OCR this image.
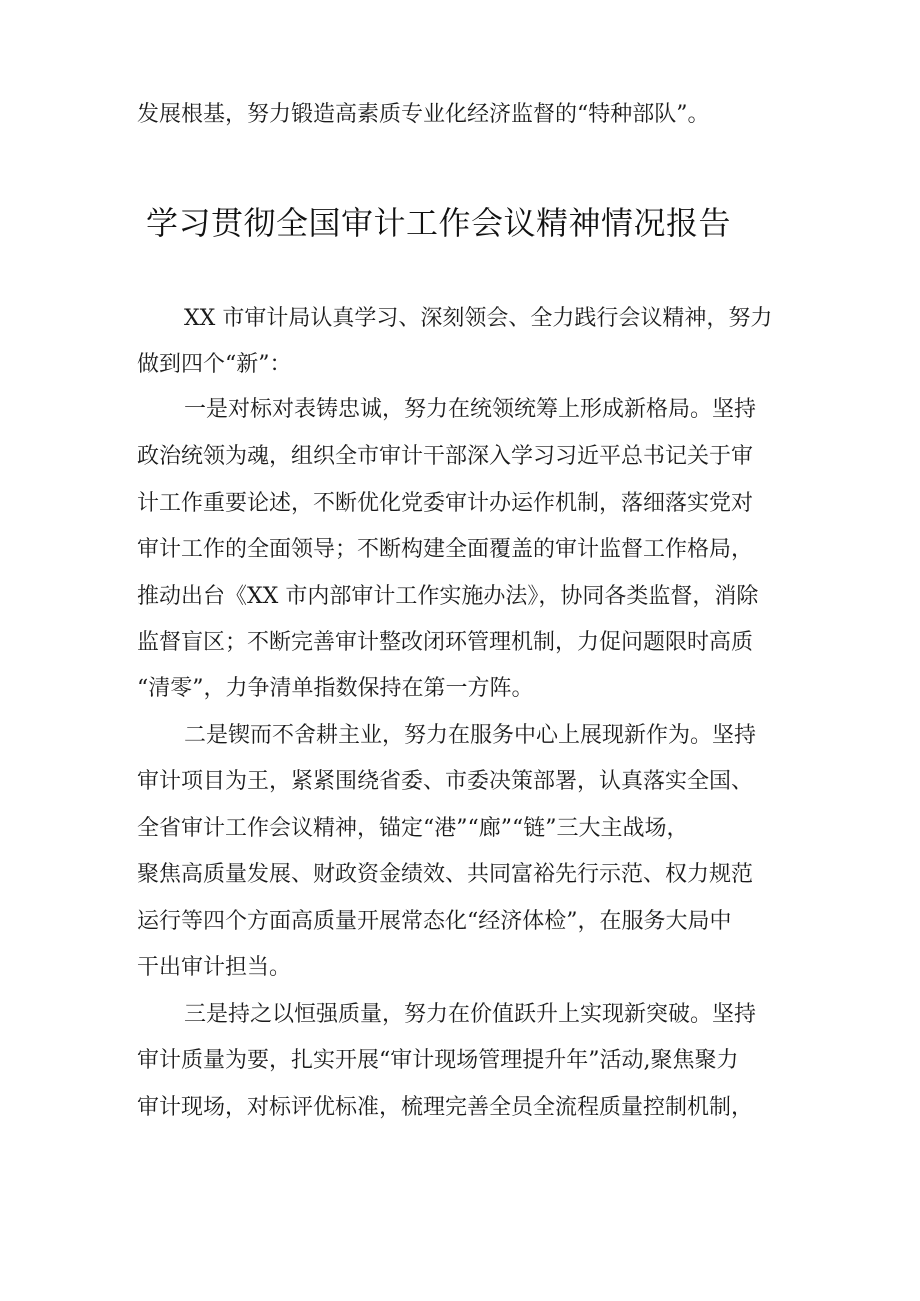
发展根基，努力锻造高素质专业化经济监督的“特种部队”。
学习贯彻全国审计工作会议精神情况报告
XX 市审计局认真学习、深刻领会、全力践行会议精神，努力
做到四个“新”：
一是对标对表铸忠诚，努力在统领统筹上形成新格局。坚持
政治统领为魂，组织全市审计干部深入学习习近平总书记关于审
计工作重要论述，不断优化党委审计办运作机制，落细落实党对
审计工作的全面领导；不断构建全面覆盖的审计监督工作格局，
推动出台《XX 市内部审计工作实施办法》，协同各类监督，消除
监督盲区；不断完善审计整改闭环管理机制，力促问题限时高质
“清零”，力争清单指数保持在第一方阵。
二是锲而不舍耕主业，努力在服务中心上展现新作为。坚持
审计项目为王，紧紧围绕省委、市委决策部署，认真落实全国、
全省审计工作会议精神，锚定“港”“廊”“链”三大主战场，
聚焦高质量发展、财政资金绩效、共同富裕先行示范、权力规范
运行等四个方面高质量开展常态化“经济体检”，在服务大局中
干出审计担当。
三是持之以恒强质量，努力在价值跃升上实现新突破。坚持
审计质量为要，扎实开展“审计现场管理提升年”活动,聚焦聚力
审计现场，对标评优标准，梳理完善全员全流程质量控制机制，
